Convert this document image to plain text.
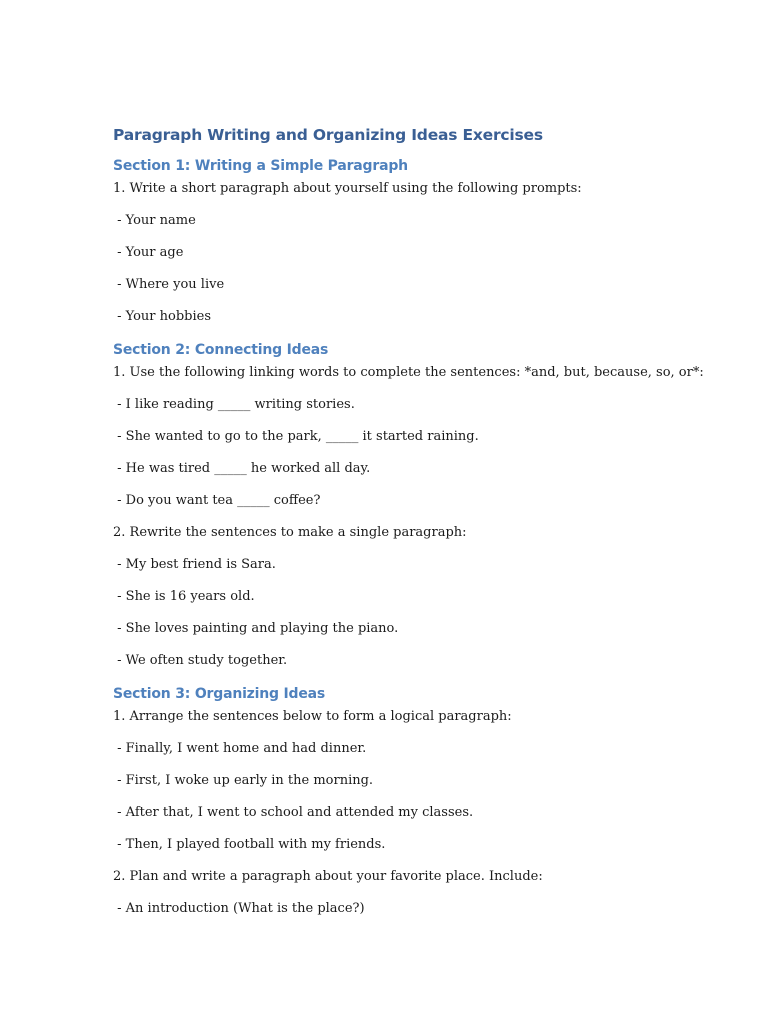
Paragraph Writing and Organizing Ideas Exercises
Section 1: Writing a Simple Paragraph

1. Write a short paragraph about yourself using the following prompts:

- Your name

- Your age

- Where you live

- Your hobbies

Section 2: Connecting Ideas

1. Use the following linking words to complete the sentences: *and, but, because, so, or*:

- I like reading _____ writing stories.

- She wanted to go to the park, _____ it started raining.

- He was tired _____ he worked all day.

- Do you want tea _____ coffee?

2. Rewrite the sentences to make a single paragraph:

- My best friend is Sara.

- She is 16 years old.

- She loves painting and playing the piano.

- We often study together.

Section 3: Organizing Ideas

1. Arrange the sentences below to form a logical paragraph:

- Finally, I went home and had dinner.

- First, I woke up early in the morning.

- After that, I went to school and attended my classes.

- Then, I played football with my friends.

2. Plan and write a paragraph about your favorite place. Include:

- An introduction (What is the place?)
